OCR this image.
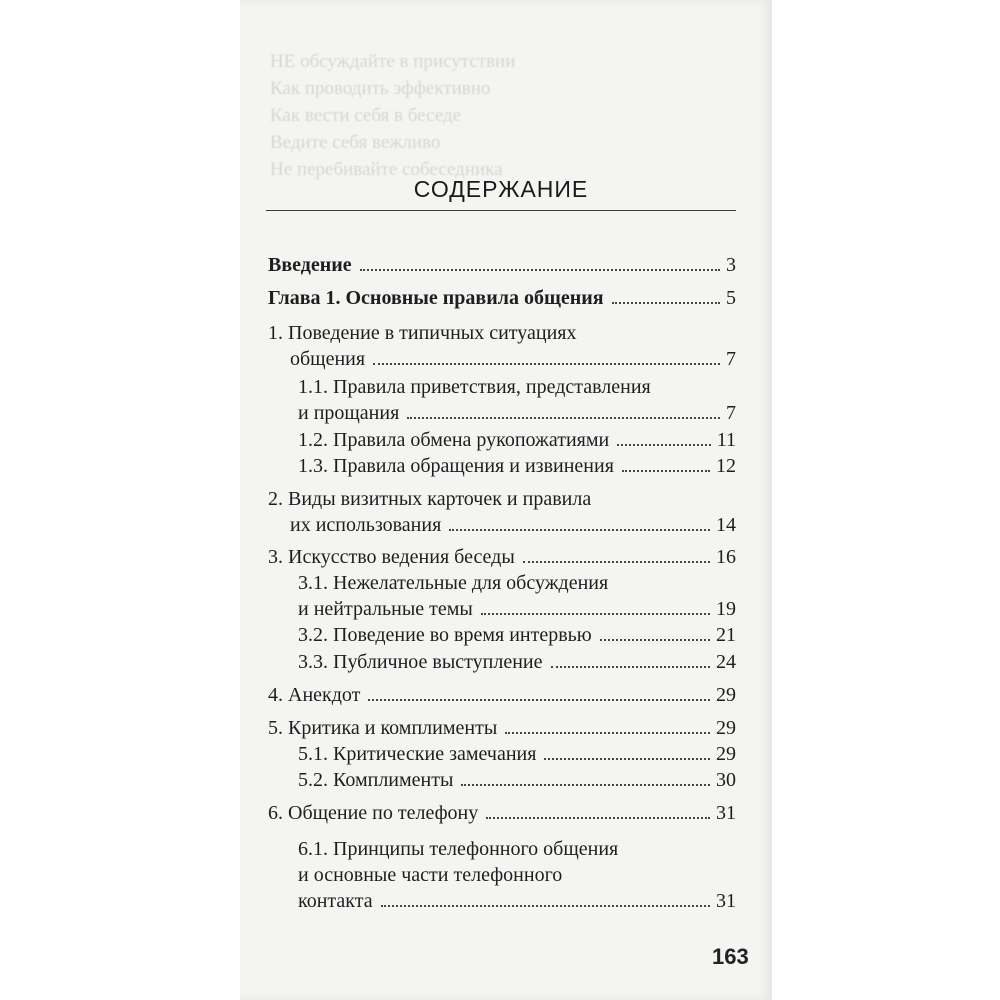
НЕ обсуждайте в присутствии
Как проводить эффективно
Как вести себя в беседе
Ведите себя вежливо
Не перебивайте собеседника
СОДЕРЖАНИЕ
Введение	3
Глава 1. Основные правила общения	5
1. Поведение в типичных ситуациях
общения	7
1.1. Правила приветствия, представления
и прощания	7
1.2. Правила обмена рукопожатиями	11
1.3. Правила обращения и извинения	12
2. Виды визитных карточек и правила
их использования	14
3. Искусство ведения беседы	16
3.1. Нежелательные для обсуждения
и нейтральные темы	19
3.2. Поведение во время интервью	21
3.3. Публичное выступление	24
4. Анекдот	29
5. Критика и комплименты	29
5.1. Критические замечания	29
5.2. Комплименты	30
6. Общение по телефону	31
6.1. Принципы телефонного общения
и основные части телефонного
контакта	31
163
